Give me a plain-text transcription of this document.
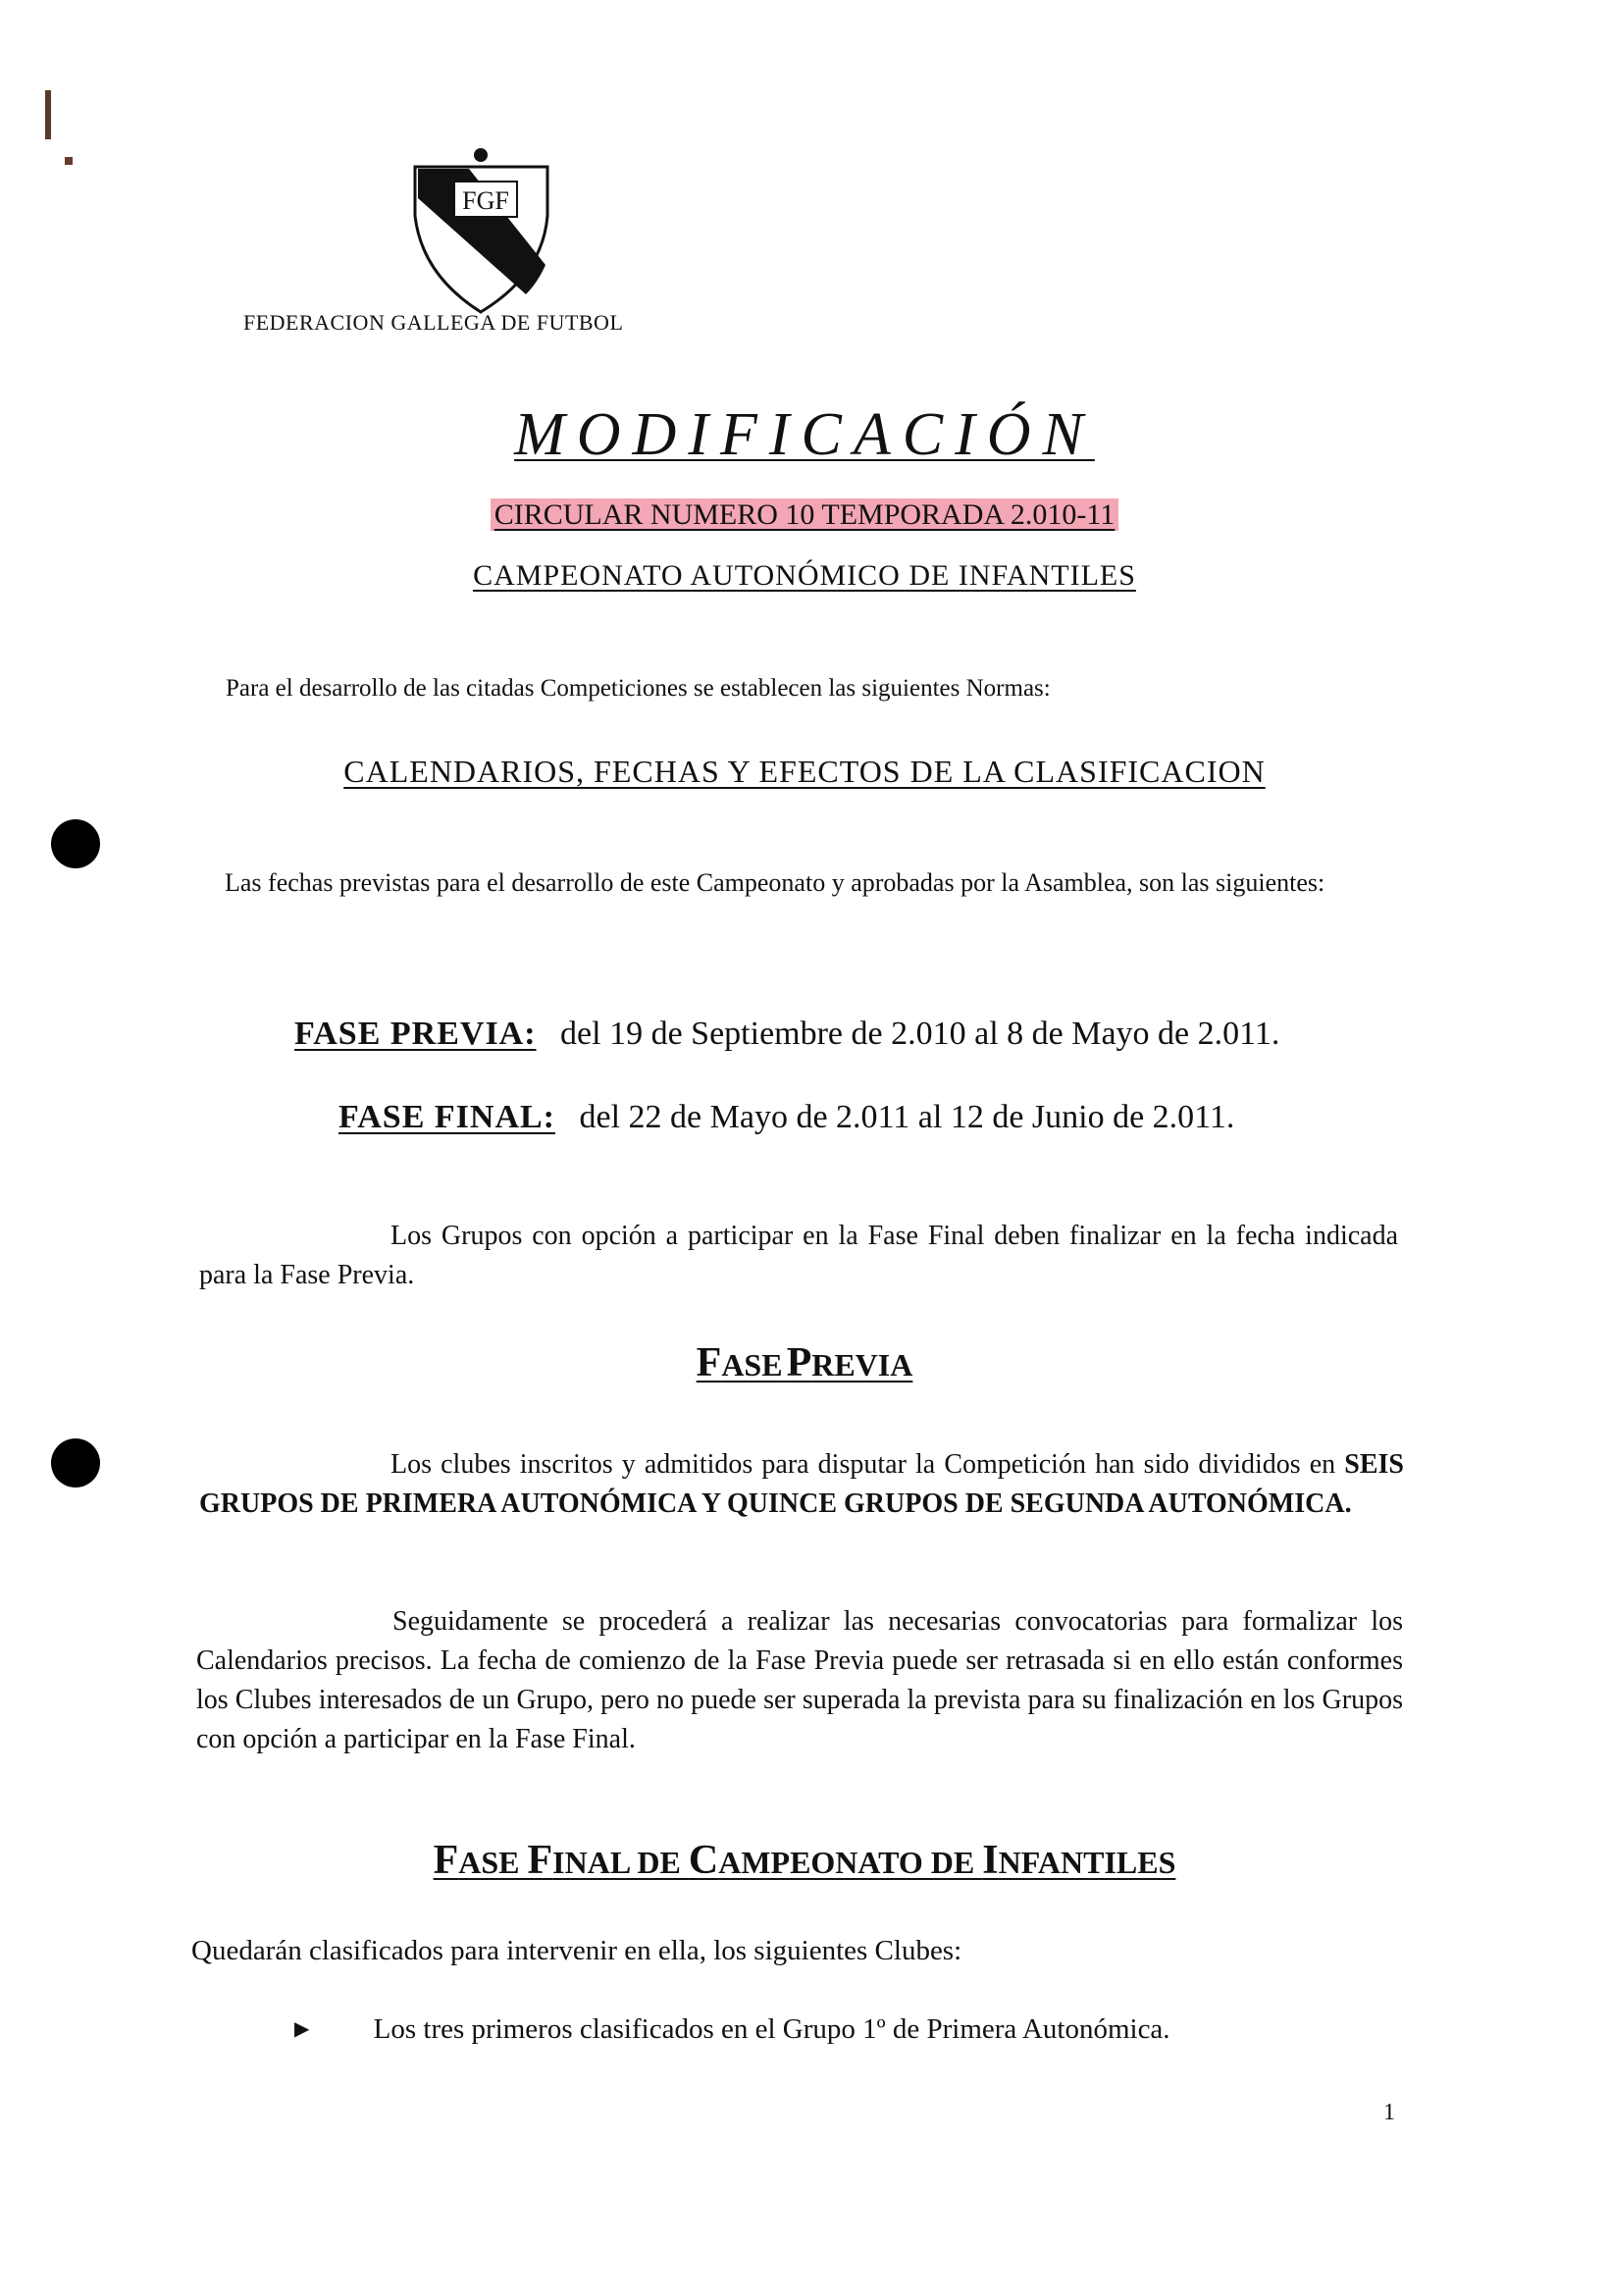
FGF
FEDERACION GALLEGA DE FUTBOL
MODIFICACIÓN
CIRCULAR NUMERO 10 TEMPORADA 2.010-11
CAMPEONATO AUTONÓMICO DE INFANTILES
Para el desarrollo de las citadas Competiciones se establecen las siguientes Normas:
CALENDARIOS, FECHAS Y EFECTOS DE LA CLASIFICACION
Las fechas previstas para el desarrollo de este Campeonato y aprobadas por la Asamblea, son las siguientes:
FASE PREVIA: del 19 de Septiembre de 2.010 al 8 de Mayo de 2.011.
FASE FINAL: del 22 de Mayo de 2.011 al 12 de Junio de 2.011.
Los Grupos con opción a participar en la Fase Final deben finalizar en la fecha indicada para la Fase Previa.
FASE PREVIA
Los clubes inscritos y admitidos para disputar la Competición han sido divididos en SEIS GRUPOS DE PRIMERA AUTONÓMICA Y QUINCE GRUPOS DE SEGUNDA AUTONÓMICA.
Seguidamente se procederá a realizar las necesarias convocatorias para formalizar los Calendarios precisos. La fecha de comienzo de la Fase Previa puede ser retrasada si en ello están conformes los Clubes interesados de un Grupo, pero no puede ser superada la prevista para su finalización en los Grupos con opción a participar en la Fase Final.
FASE FINAL DE CAMPEONATO DE INFANTILES
Quedarán clasificados para intervenir en ella, los siguientes Clubes:
▶ Los tres primeros clasificados en el Grupo 1º de Primera Autonómica.
1
